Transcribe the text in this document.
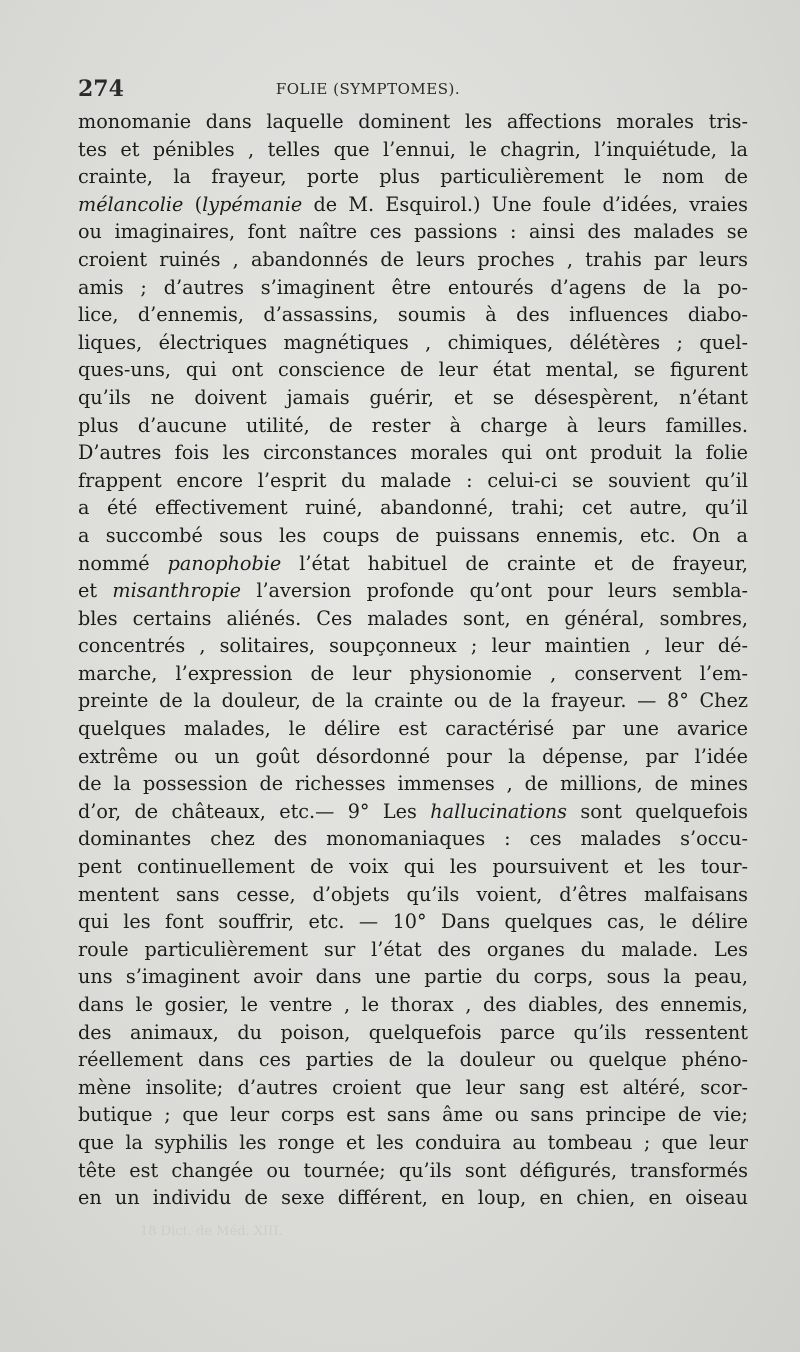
274	FOLIE (SYMPTOMES).
monomanie dans laquelle dominent les affections morales tris-
tes et pénibles , telles que l’ennui, le chagrin, l’inquiétude, la
crainte, la frayeur, porte plus particulièrement le nom de
mélancolie (lypémanie de M. Esquirol.) Une foule d’idées, vraies
ou imaginaires, font naître ces passions : ainsi des malades se
croient ruinés , abandonnés de leurs proches , trahis par leurs
amis ; d’autres s’imaginent être entourés d’agens de la po-
lice, d’ennemis, d’assassins, soumis à des influences diabo-
liques, électriques magnétiques , chimiques, délétères ; quel-
ques-uns, qui ont conscience de leur état mental, se figurent
qu’ils ne doivent jamais guérir, et se désespèrent, n’étant
plus d’aucune utilité, de rester à charge à leurs familles.
D’autres fois les circonstances morales qui ont produit la folie
frappent encore l’esprit du malade : celui-ci se souvient qu’il
a été effectivement ruiné, abandonné, trahi; cet autre, qu’il
a succombé sous les coups de puissans ennemis, etc. On a
nommé panophobie l’état habituel de crainte et de frayeur,
et misanthropie l’aversion profonde qu’ont pour leurs sembla-
bles certains aliénés. Ces malades sont, en général, sombres,
concentrés , solitaires, soupçonneux ; leur maintien , leur dé-
marche, l’expression de leur physionomie , conservent l’em-
preinte de la douleur, de la crainte ou de la frayeur. — 8° Chez
quelques malades, le délire est caractérisé par une avarice
extrême ou un goût désordonné pour la dépense, par l’idée
de la possession de richesses immenses , de millions, de mines
d’or, de châteaux, etc.— 9° Les hallucinations sont quelquefois
dominantes chez des monomaniaques : ces malades s’occu-
pent continuellement de voix qui les poursuivent et les tour-
mentent sans cesse, d’objets qu’ils voient, d’êtres malfaisans
qui les font souffrir, etc. — 10° Dans quelques cas, le délire
roule particulièrement sur l’état des organes du malade. Les
uns s’imaginent avoir dans une partie du corps, sous la peau,
dans le gosier, le ventre , le thorax , des diables, des ennemis,
des animaux, du poison, quelquefois parce qu’ils ressentent
réellement dans ces parties de la douleur ou quelque phéno-
mène insolite; d’autres croient que leur sang est altéré, scor-
butique ; que leur corps est sans âme ou sans principe de vie;
que la syphilis les ronge et les conduira au tombeau ; que leur
tête est changée ou tournée; qu’ils sont défigurés, transformés
en un individu de sexe différent, en loup, en chien, en oiseau
18 Dict. de Méd. XIII.
